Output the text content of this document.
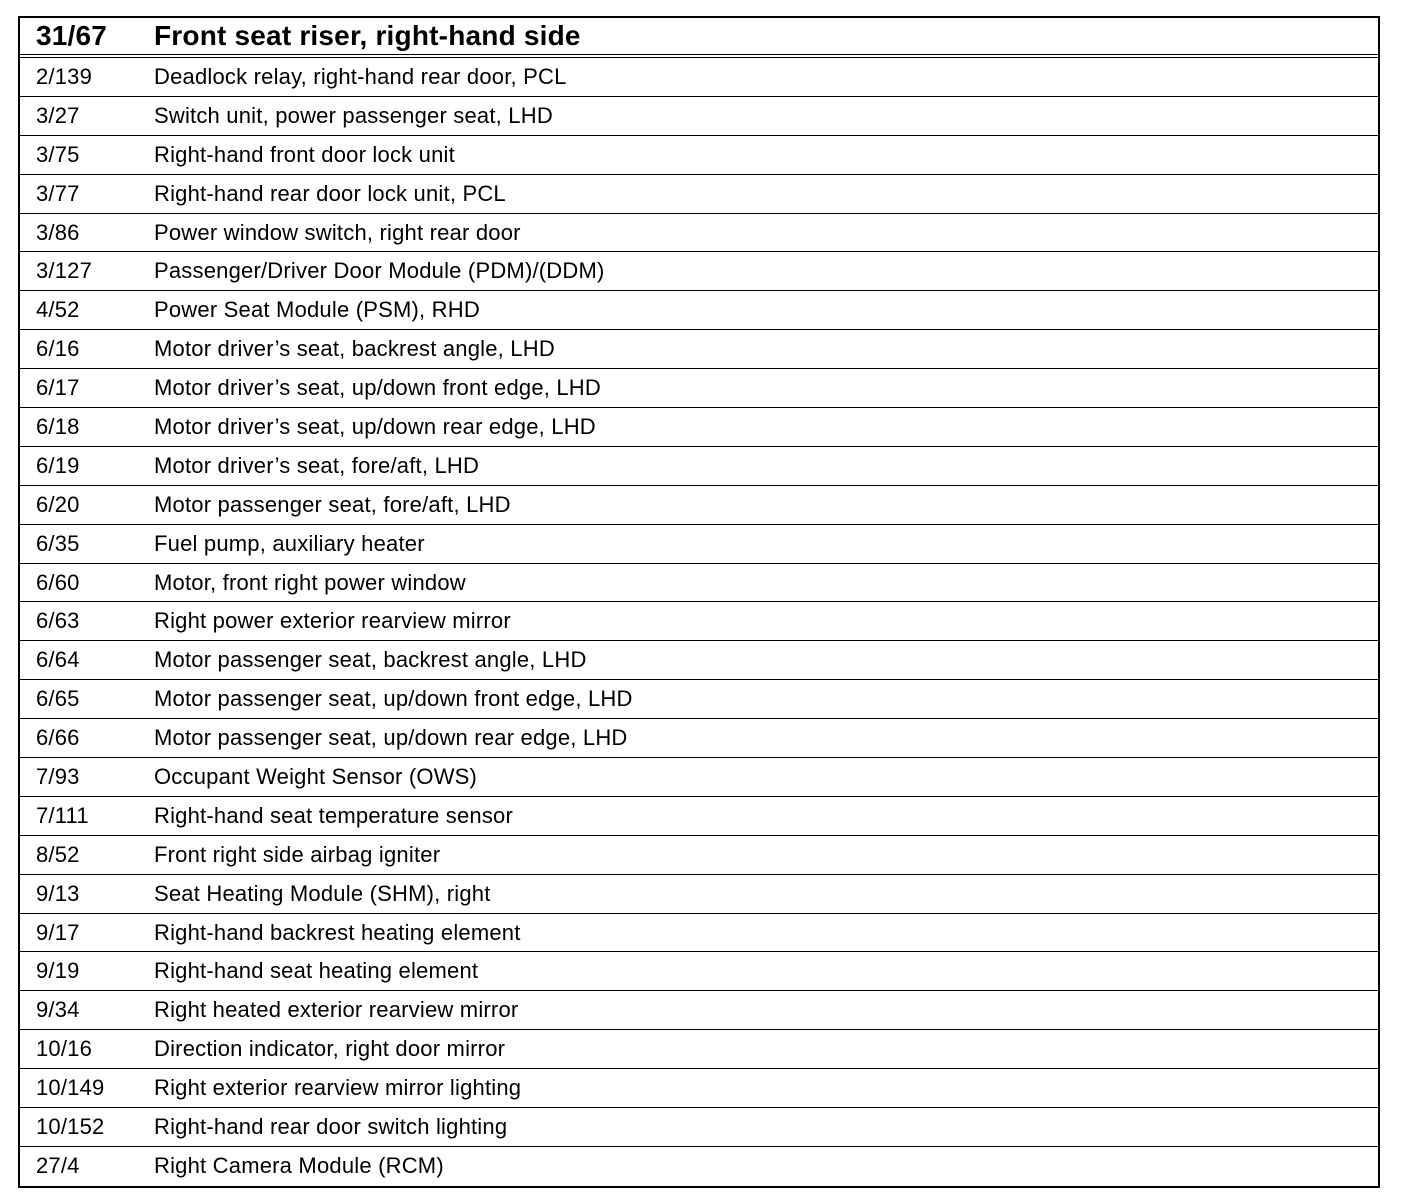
31/67	Front seat riser, right-hand side
2/139	Deadlock relay, right-hand rear door, PCL
3/27	Switch unit, power passenger seat, LHD
3/75	Right-hand front door lock unit
3/77	Right-hand rear door lock unit, PCL
3/86	Power window switch, right rear door
3/127	Passenger/Driver Door Module (PDM)/(DDM)
4/52	Power Seat Module (PSM), RHD
6/16	Motor driver’s seat, backrest angle, LHD
6/17	Motor driver’s seat, up/down front edge, LHD
6/18	Motor driver’s seat, up/down rear edge, LHD
6/19	Motor driver’s seat, fore/aft, LHD
6/20	Motor passenger seat, fore/aft, LHD
6/35	Fuel pump, auxiliary heater
6/60	Motor, front right power window
6/63	Right power exterior rearview mirror
6/64	Motor passenger seat, backrest angle, LHD
6/65	Motor passenger seat, up/down front edge, LHD
6/66	Motor passenger seat, up/down rear edge, LHD
7/93	Occupant Weight Sensor (OWS)
7/111	Right-hand seat temperature sensor
8/52	Front right side airbag igniter
9/13	Seat Heating Module (SHM), right
9/17	Right-hand backrest heating element
9/19	Right-hand seat heating element
9/34	Right heated exterior rearview mirror
10/16	Direction indicator, right door mirror
10/149	Right exterior rearview mirror lighting
10/152	Right-hand rear door switch lighting
27/4	Right Camera Module (RCM)
